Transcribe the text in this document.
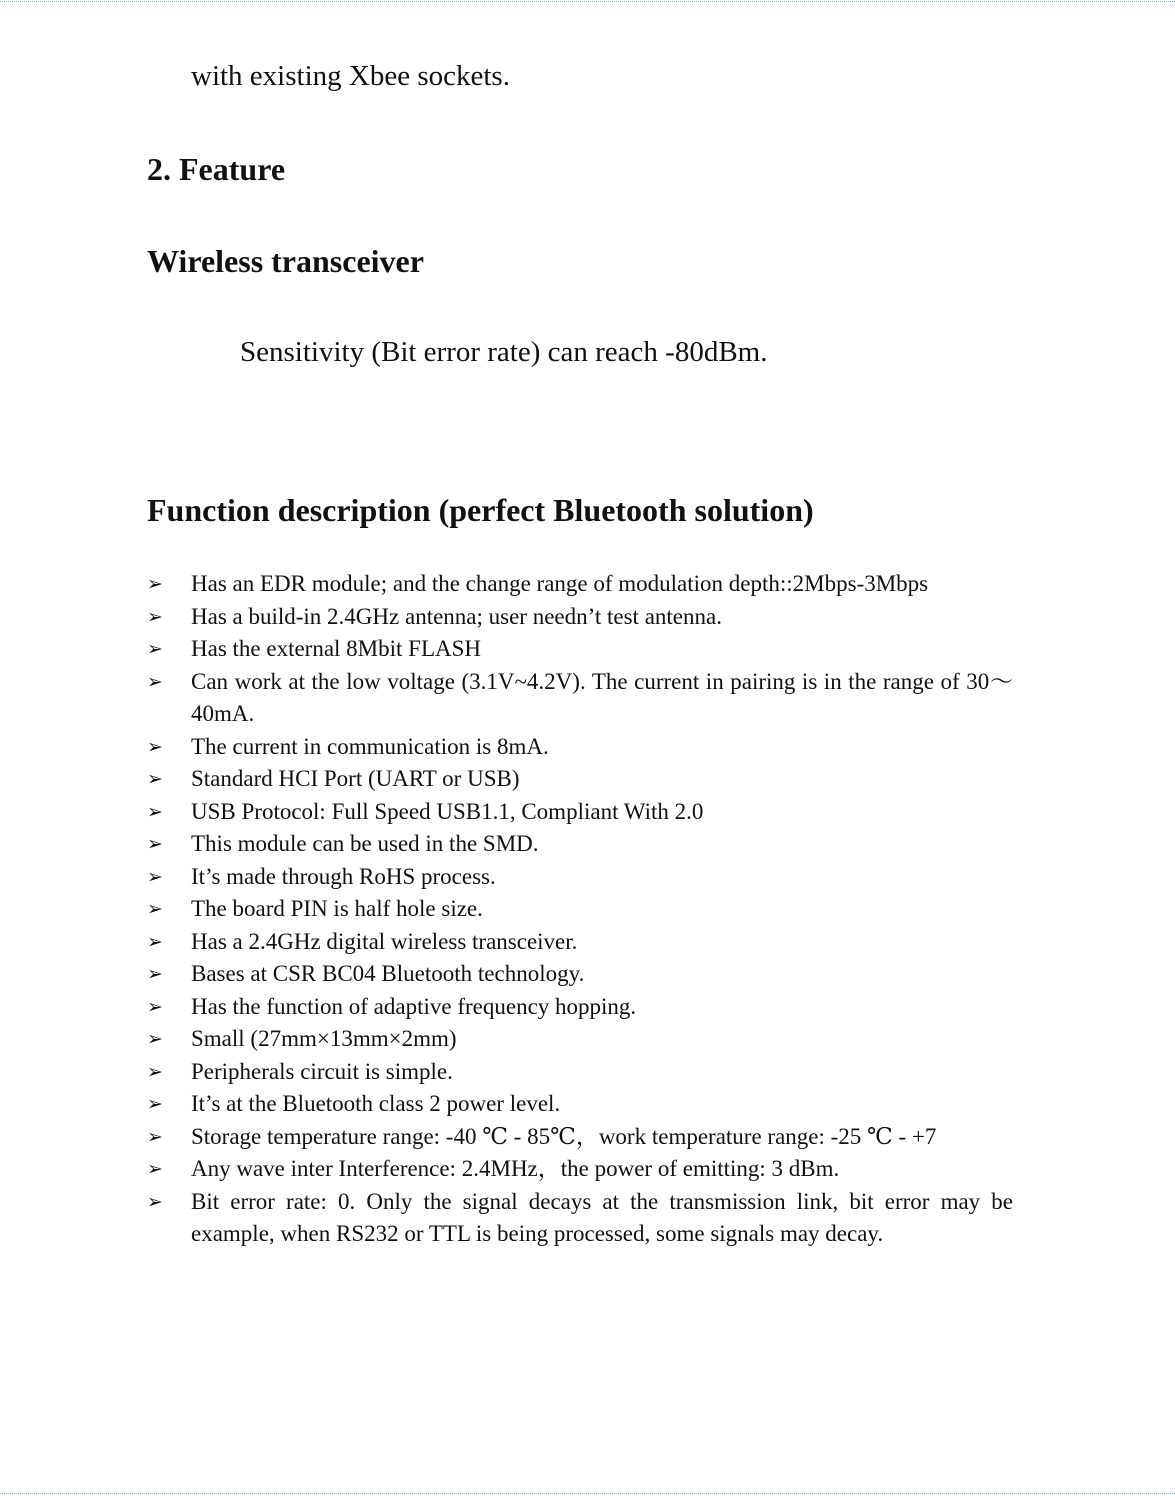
with existing Xbee sockets.
2. Feature
Wireless transceiver
Sensitivity (Bit error rate) can reach -80dBm.
Function description (perfect Bluetooth solution)
➢ Has an EDR module; and the change range of modulation depth::2Mbps-3Mbps
➢ Has a build-in 2.4GHz antenna; user needn’t test antenna.
➢ Has the external 8Mbit FLASH
➢ Can work at the low voltage (3.1V~4.2V). The current in pairing is in the range of 30～40mA.
➢ The current in communication is 8mA.
➢ Standard HCI Port (UART or USB)
➢ USB Protocol: Full Speed USB1.1, Compliant With 2.0
➢ This module can be used in the SMD.
➢ It’s made through RoHS process.
➢ The board PIN is half hole size.
➢ Has a 2.4GHz digital wireless transceiver.
➢ Bases at CSR BC04 Bluetooth technology.
➢ Has the function of adaptive frequency hopping.
➢ Small (27mm×13mm×2mm)
➢ Peripherals circuit is simple.
➢ It’s at the Bluetooth class 2 power level.
➢ Storage temperature range: -40 ℃ - 85℃，work temperature range: -25 ℃ - +7
➢ Any wave inter Interference: 2.4MHz，the power of emitting: 3 dBm.
➢ Bit error rate: 0. Only the signal decays at the transmission link, bit error may be example, when RS232 or TTL is being processed, some signals may decay.
